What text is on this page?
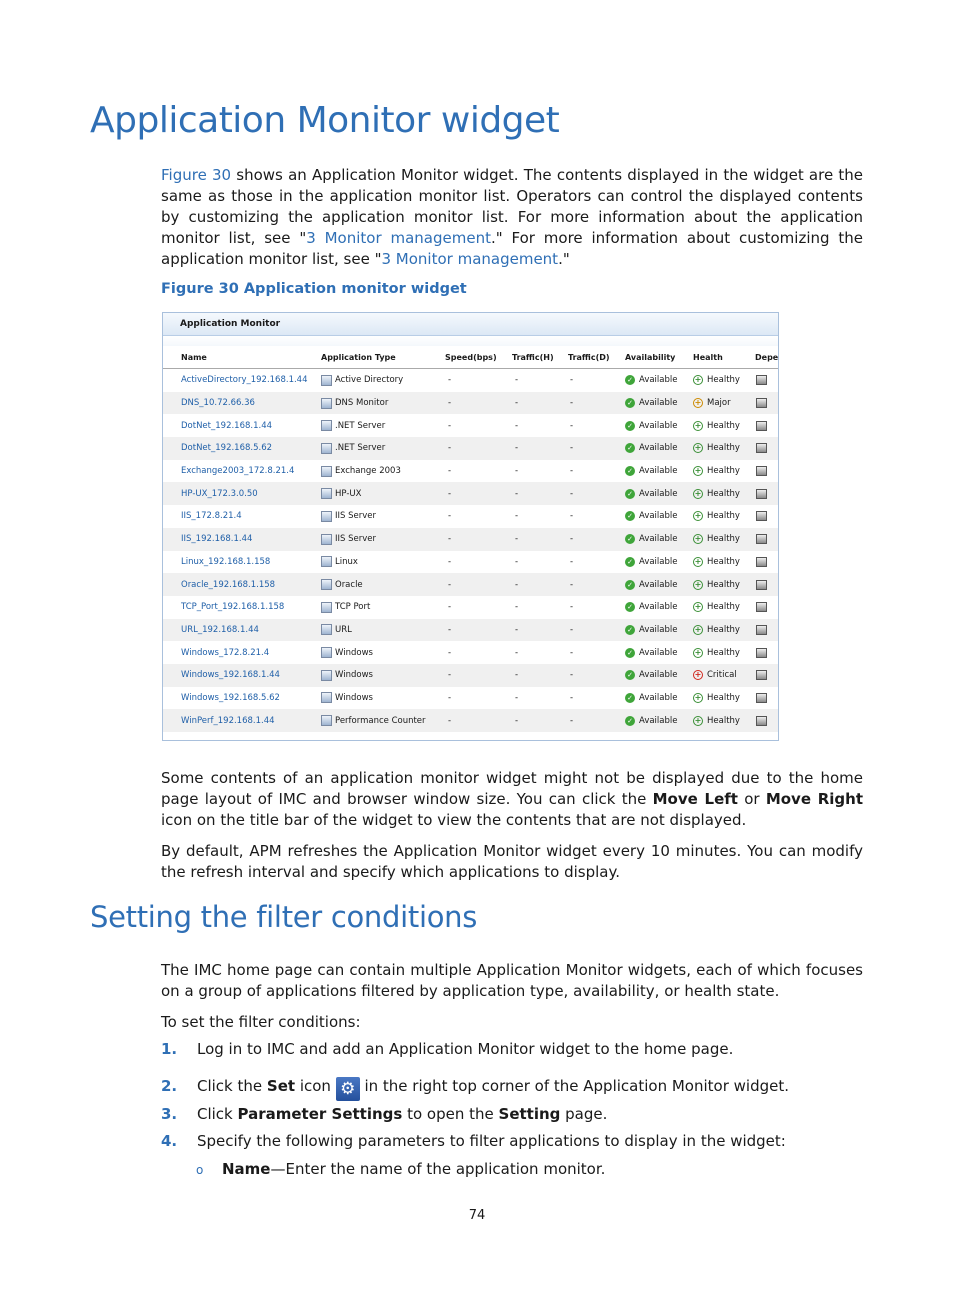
Application Monitor widget

Figure 30 shows an Application Monitor widget. The contents displayed in the widget are the same as those in the application monitor list. Operators can control the displayed contents by customizing the application monitor list. For more information about the application monitor list, see "3 Monitor management." For more information about customizing the application monitor list, see "3 Monitor management."

Figure 30 Application monitor widget

Application Monitor
Name	Application Type	Speed(bps)	Traffic(H)	Traffic(D)	Availability	Health	Depe
ActiveDirectory_192.168.1.44	Active Directory	-	-	-	✓ Available + Healthy
DNS_10.72.66.36	DNS Monitor	-	-	-	✓ Available + Major
DotNet_192.168.1.44	.NET Server	-	-	-	✓ Available + Healthy
DotNet_192.168.5.62	.NET Server	-	-	-	✓ Available + Healthy
Exchange2003_172.8.21.4	Exchange 2003	-	-	-	✓ Available + Healthy
HP-UX_172.3.0.50	HP-UX	-	-	-	✓ Available + Healthy
IIS_172.8.21.4	IIS Server	-	-	-	✓ Available + Healthy
IIS_192.168.1.44	IIS Server	-	-	-	✓ Available + Healthy
Linux_192.168.1.158	Linux	-	-	-	✓ Available + Healthy
Oracle_192.168.1.158	Oracle	-	-	-	✓ Available + Healthy
TCP_Port_192.168.1.158	TCP Port	-	-	-	✓ Available + Healthy
URL_192.168.1.44	URL	-	-	-	✓ Available + Healthy
Windows_172.8.21.4	Windows	-	-	-	✓ Available + Healthy
Windows_192.168.1.44	Windows	-	-	-	✓ Available + Critical
Windows_192.168.5.62	Windows	-	-	-	✓ Available + Healthy
WinPerf_192.168.1.44	Performance Counter	-	-	-	✓ Available + Healthy

Some contents of an application monitor widget might not be displayed due to the home page layout of IMC and browser window size. You can click the Move Left or Move Right icon on the title bar of the widget to view the contents that are not displayed.

By default, APM refreshes the Application Monitor widget every 10 minutes. You can modify the refresh interval and specify which applications to display.

Setting the filter conditions

The IMC home page can contain multiple Application Monitor widgets, each of which focuses on a group of applications filtered by application type, availability, or health state.

To set the filter conditions:

1. Log in to IMC and add an Application Monitor widget to the home page.

2. Click the Set icon ⚙ in the right top corner of the Application Monitor widget.

3. Click Parameter Settings to open the Setting page.

4. Specify the following parameters to filter applications to display in the widget:

o Name—Enter the name of the application monitor.

74
